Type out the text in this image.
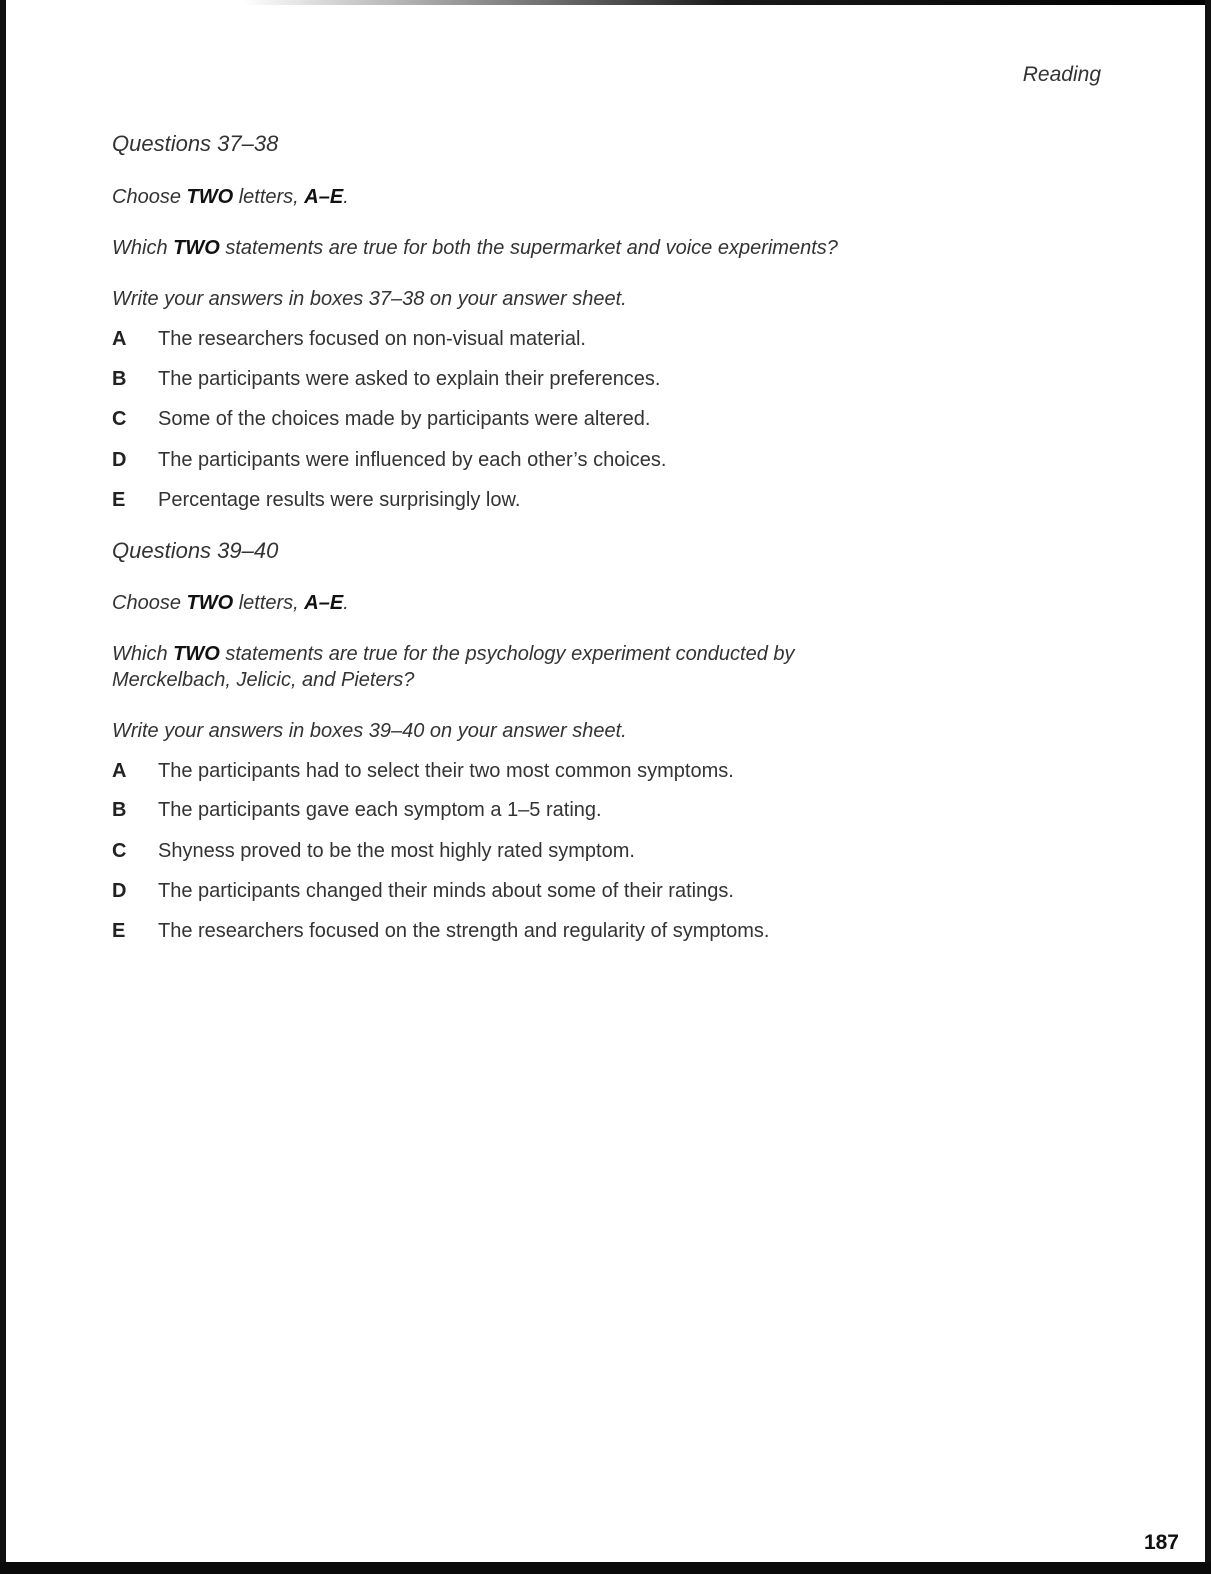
Reading
Questions 37–38
Choose TWO letters, A–E.
Which TWO statements are true for both the supermarket and voice experiments?
Write your answers in boxes 37–38 on your answer sheet.
A The researchers focused on non-visual material.
B The participants were asked to explain their preferences.
C Some of the choices made by participants were altered.
D The participants were influenced by each other’s choices.
E Percentage results were surprisingly low.
Questions 39–40
Choose TWO letters, A–E.
Which TWO statements are true for the psychology experiment conducted by Merckelbach, Jelicic, and Pieters?
Write your answers in boxes 39–40 on your answer sheet.
A The participants had to select their two most common symptoms.
B The participants gave each symptom a 1–5 rating.
C Shyness proved to be the most highly rated symptom.
D The participants changed their minds about some of their ratings.
E The researchers focused on the strength and regularity of symptoms.
187
